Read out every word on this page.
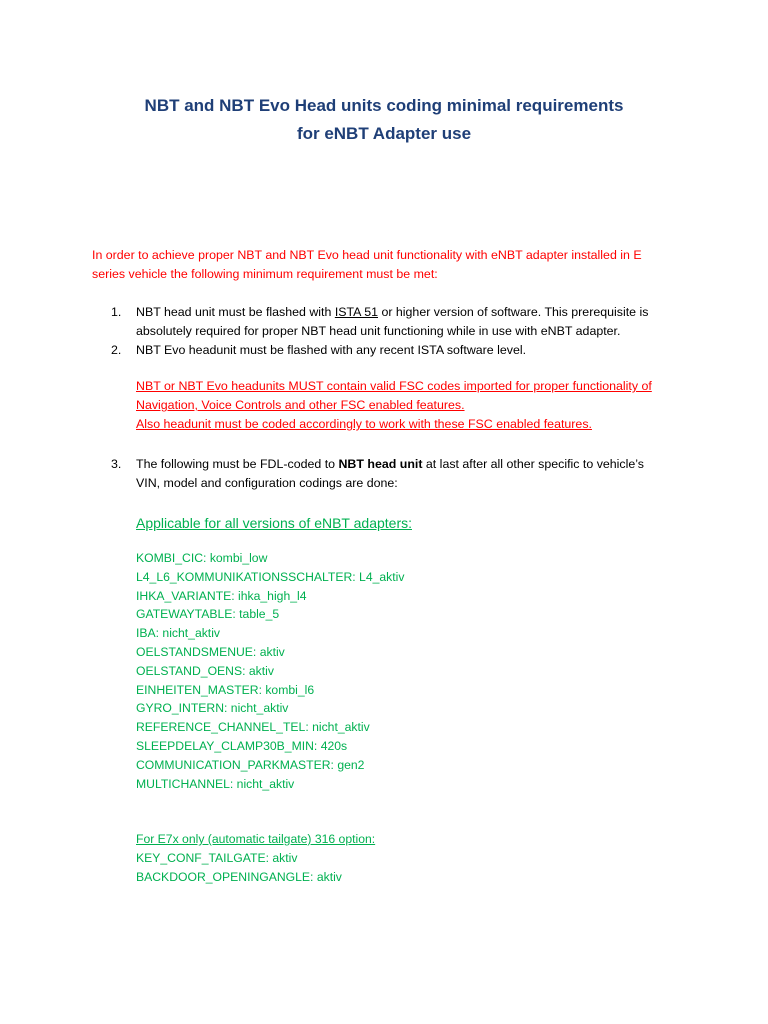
NBT and NBT Evo Head units coding minimal requirements
for eNBT Adapter use
In order to achieve proper NBT and NBT Evo head unit functionality with eNBT adapter installed in E series vehicle the following minimum requirement must be met:
1. NBT head unit must be flashed with ISTA 51 or higher version of software. This prerequisite is absolutely required for proper NBT head unit functioning while in use with eNBT adapter.
2. NBT Evo headunit must be flashed with any recent ISTA software level.
3. The following must be FDL-coded to NBT head unit at last after all other specific to vehicle’s VIN, model and configuration codings are done:
NBT or NBT Evo headunits MUST contain valid FSC codes imported for proper functionality of
Navigation, Voice Controls and other FSC enabled features.
Also headunit must be coded accordingly to work with these FSC enabled features.
Applicable for all versions of eNBT adapters:
KOMBI_CIC: kombi_low
L4_L6_KOMMUNIKATIONSSCHALTER: L4_aktiv
IHKA_VARIANTE: ihka_high_l4
GATEWAYTABLE: table_5
IBA: nicht_aktiv
OELSTANDSMENUE: aktiv
OELSTAND_OENS: aktiv
EINHEITEN_MASTER: kombi_l6
GYRO_INTERN: nicht_aktiv
REFERENCE_CHANNEL_TEL: nicht_aktiv
SLEEPDELAY_CLAMP30B_MIN: 420s
COMMUNICATION_PARKMASTER: gen2
MULTICHANNEL: nicht_aktiv
For E7x only (automatic tailgate) 316 option:
KEY_CONF_TAILGATE: aktiv
BACKDOOR_OPENINGANGLE: aktiv
